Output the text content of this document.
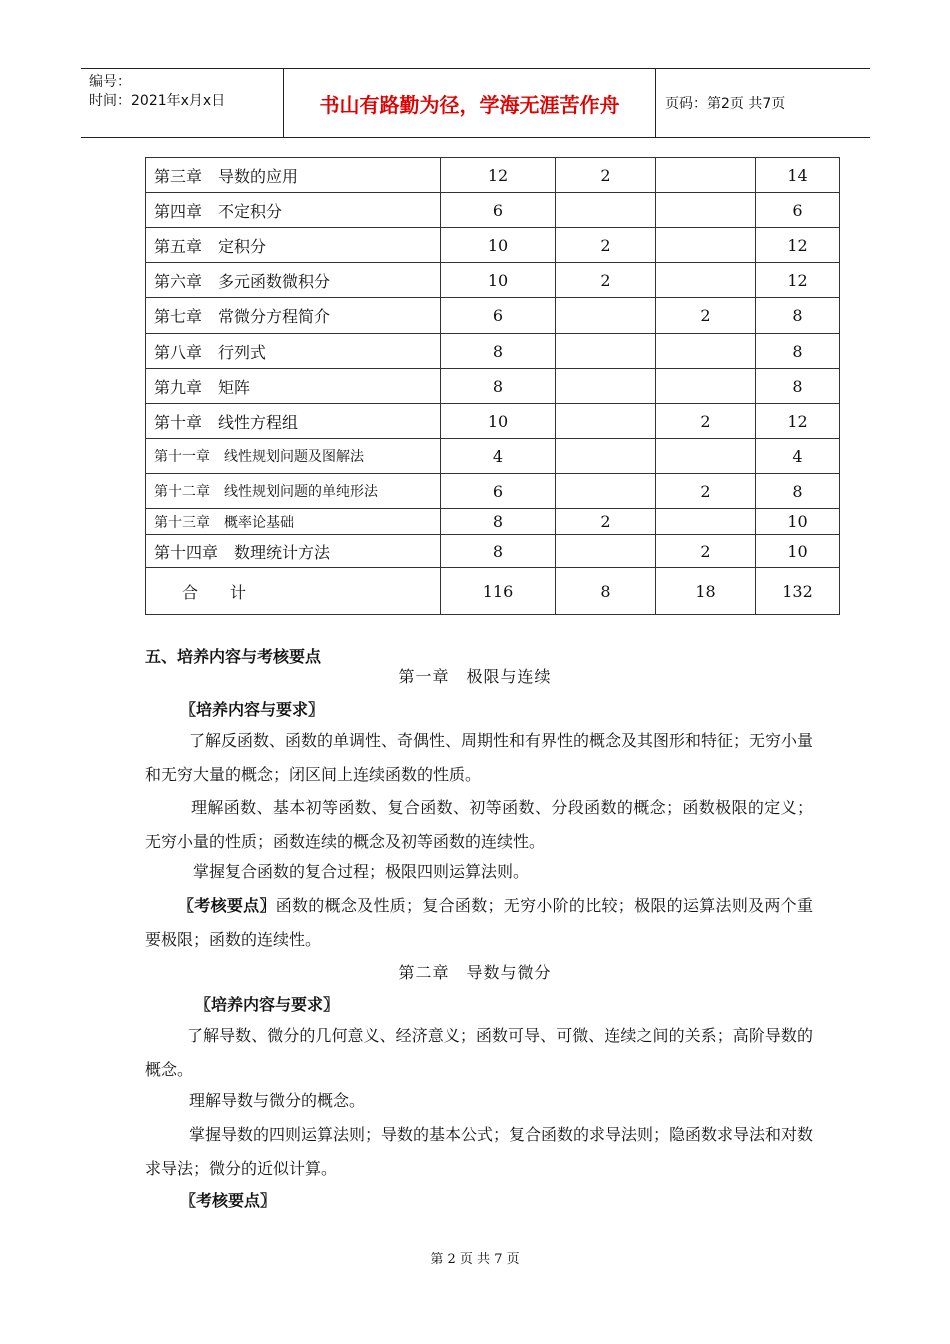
编号：
时间：2021年x月x日	书山有路勤为径，学海无涯苦作舟	页码：第2页 共7页
第三章　导数的应用	12	2		14
第四章　不定积分	6			6
第五章　定积分	10	2		12
第六章　多元函数微积分	10	2		12
第七章　常微分方程简介	6		2	8
第八章　行列式	8			8
第九章　矩阵	8			8
第十章　线性方程组	10		2	12
第十一章　线性规划问题及图解法	4			4
第十二章　线性规划问题的单纯形法	6		2	8
第十三章　概率论基础	8	2		10
第十四章　数理统计方法	8		2	10
合　　计	116	8	18	132
五、培养内容与考核要点
第一章　极限与连续
〖培养内容与要求〗
了解反函数、函数的单调性、奇偶性、周期性和有界性的概念及其图形和特征；无穷小量和无穷大量的概念；闭区间上连续函数的性质。
理解函数、基本初等函数、复合函数、初等函数、分段函数的概念；函数极限的定义；无穷小量的性质；函数连续的概念及初等函数的连续性。
掌握复合函数的复合过程；极限四则运算法则。
〖考核要点〗函数的概念及性质；复合函数；无穷小阶的比较；极限的运算法则及两个重要极限；函数的连续性。
第二章　导数与微分
〖培养内容与要求〗
了解导数、微分的几何意义、经济意义；函数可导、可微、连续之间的关系；高阶导数的概念。
理解导数与微分的概念。
掌握导数的四则运算法则；导数的基本公式；复合函数的求导法则；隐函数求导法和对数求导法；微分的近似计算。
〖考核要点〗
第 2 页 共 7 页
